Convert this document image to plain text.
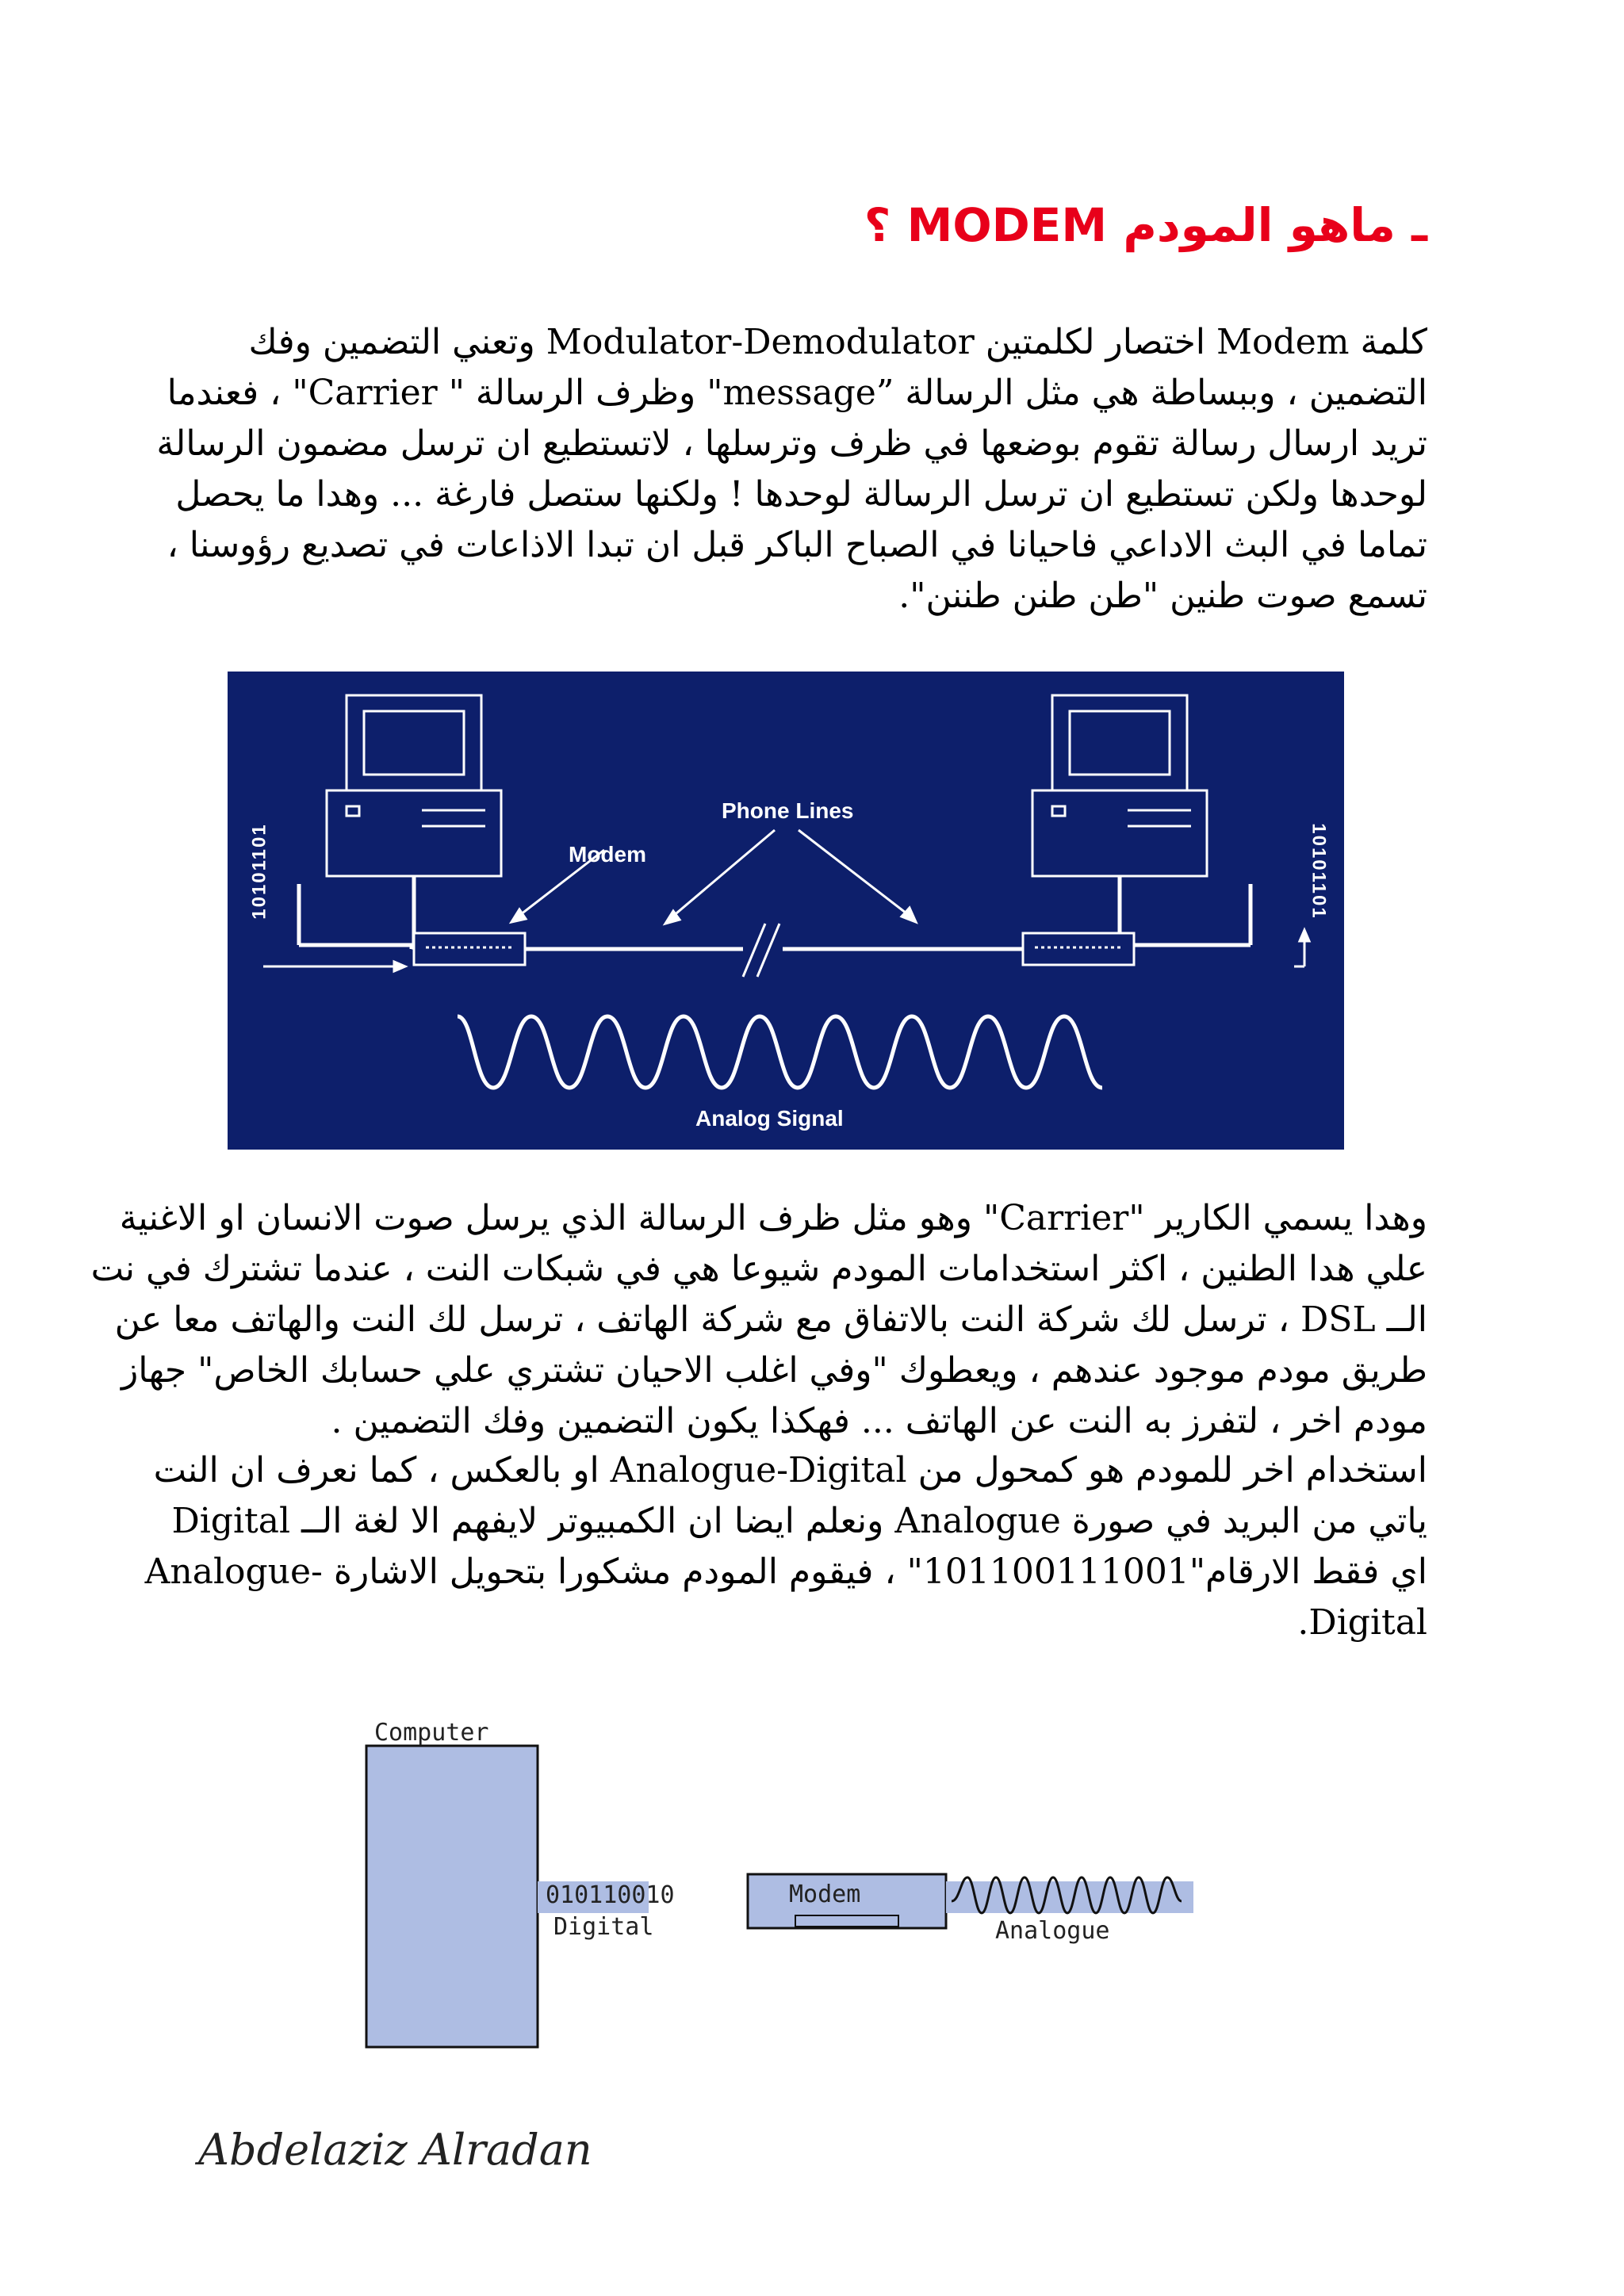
ـ ماهو المودم MODEM ؟
كلمة Modem اختصار لكلمتين Modulator-Demodulator وتعني التضمين وفك
التضمين ، وببساطة هي مثل الرسالة ”message" وظرف الرسالة " Carrier" ، فعندما
تريد ارسال رسالة تقوم بوضعها في ظرف وترسلها ، لاتستطيع ان ترسل مضمون الرسالة
لوحدها ولكن تستطيع ان ترسل الرسالة لوحدها ! ولكنها ستصل فارغة ... وهدا ما يحصل
تماما في البث الاداعي فاحيانا في الصباح الباكر قبل ان تبدا الاذاعات في تصديع رؤوسنا ،
تسمع صوت طنين "طن طنن طننن".
Phone Lines
Modem
Analog Signal
10101101	10101101
وهدا يسمي الكارير "Carrier" وهو مثل ظرف الرسالة الذي يرسل صوت الانسان او الاغنية
علي هدا الطنين ، اكثر استخدامات المودم شيوعا هي في شبكات النت ، عندما تشترك في نت
الــ DSL ، ترسل لك شركة النت بالاتفاق مع شركة الهاتف ، ترسل لك النت والهاتف معا عن
طريق مودم موجود عندهم ، ويعطوك "وفي اغلب الاحيان تشتري علي حسابك الخاص" جهاز
مودم اخر ، لتفرز به النت عن الهاتف ... فهكذا يكون التضمين وفك التضمين .
استخدام اخر للمودم هو كمحول من Analogue-Digital او بالعكس ، كما نعرف ان النت
ياتي من البريد في صورة Analogue ونعلم ايضا ان الكمبيوتر لايفهم الا لغة الــ Digital
اي فقط الارقام"101100111001" ، فيقوم المودم مشكورا بتحويل الاشارة -Analogue
Digital.
Computer
010110010
Digital
Modem
Analogue
Abdelaziz Alradan
